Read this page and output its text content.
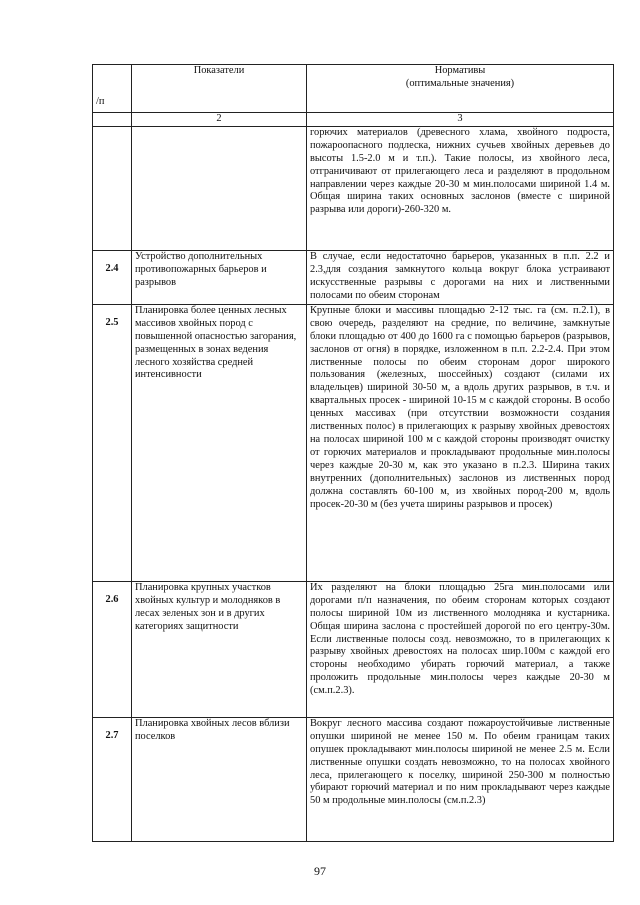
/п	Показатели	Нормативы
(оптимальные значения)

	2	3

		горючих материалов (древесного хлама, хвойного подроста, пожароопасного подлеска, нижних сучьев хвойных деревьев до высоты 1.5-2.0 м и т.п.). Такие полосы, из хвойного леса, отграничивают от прилегающего леса и разделяют в продольном направлении через каждые 20-30 м мин.полосами шириной 1.4 м. Общая ширина таких основных заслонов (вместе с шириной разрыва или дороги)-260-320 м.

2.4	Устройство дополнительных противопожарных барьеров и разрывов	В случае, если недостаточно барьеров, указанных в п.п. 2.2 и 2.3,для создания замкнутого кольца вокруг блока устраивают искусственные разрывы с дорогами на них и лиственными полосами по обеим сторонам

2.5	Планировка более ценных лесных массивов хвойных пород с повышенной опасностью загорания, размещенных в зонах ведения лесного хозяйства средней интенсивности	Крупные блоки и массивы площадью 2-12 тыс. га (см. п.2.1), в свою очередь, разделяют на средние, по величине, замкнутые блоки площадью от 400 до 1600 га с помощью барьеров (разрывов, заслонов от огня) в порядке, изложенном в п.п. 2.2-2.4. При этом лиственные полосы по обеим сторонам дорог широкого пользования (железных, шоссейных) создают (силами их владельцев) шириной 30-50 м, а вдоль других разрывов, в т.ч. и квартальных просек - шириной 10-15 м с каждой стороны. В особо ценных массивах (при отсутствии возможности создания лиственных полос) в прилегающих к разрыву хвойных древостоях на полосах шириной 100 м с каждой стороны производят очистку от горючих материалов и прокладывают продольные мин.полосы через каждые 20-30 м, как это указано в п.2.3. Ширина таких внутренних (дополнительных) заслонов из лиственных пород должна составлять 60-100 м, из хвойных пород-200 м, вдоль просек-20-30 м (без учета ширины разрывов и просек)

2.6	Планировка крупных участков хвойных культур и молодняков в лесах зеленых зон и в других категориях защитности	Их разделяют на блоки площадью 25га мин.полосами или дорогами п/п назначения, по обеим сторонам которых создают полосы шириной 10м из лиственного молодняка и кустарника. Общая ширина заслона с простейшей дорогой по его центру-30м. Если лиственные полосы созд. невозможно, то в прилегающих к разрыву хвойных древостоях на полосах шир.100м с каждой его стороны необходимо убирать горючий материал, а также проложить продольные мин.полосы через каждые 20-30 м (см.п.2.3).

2.7	Планировка хвойных лесов вблизи поселков	Вокруг лесного массива создают пожароустойчивые лиственные опушки шириной не менее 150 м. По обеим границам таких опушек прокладывают мин.полосы шириной не менее 2.5 м. Если лиственные опушки создать невозможно, то на полосах хвойного леса, прилегающего к поселку, шириной 250-300 м полностью убирают горючий материал и по ним прокладывают через каждые 50 м продольные мин.полосы (см.п.2.3)
97
